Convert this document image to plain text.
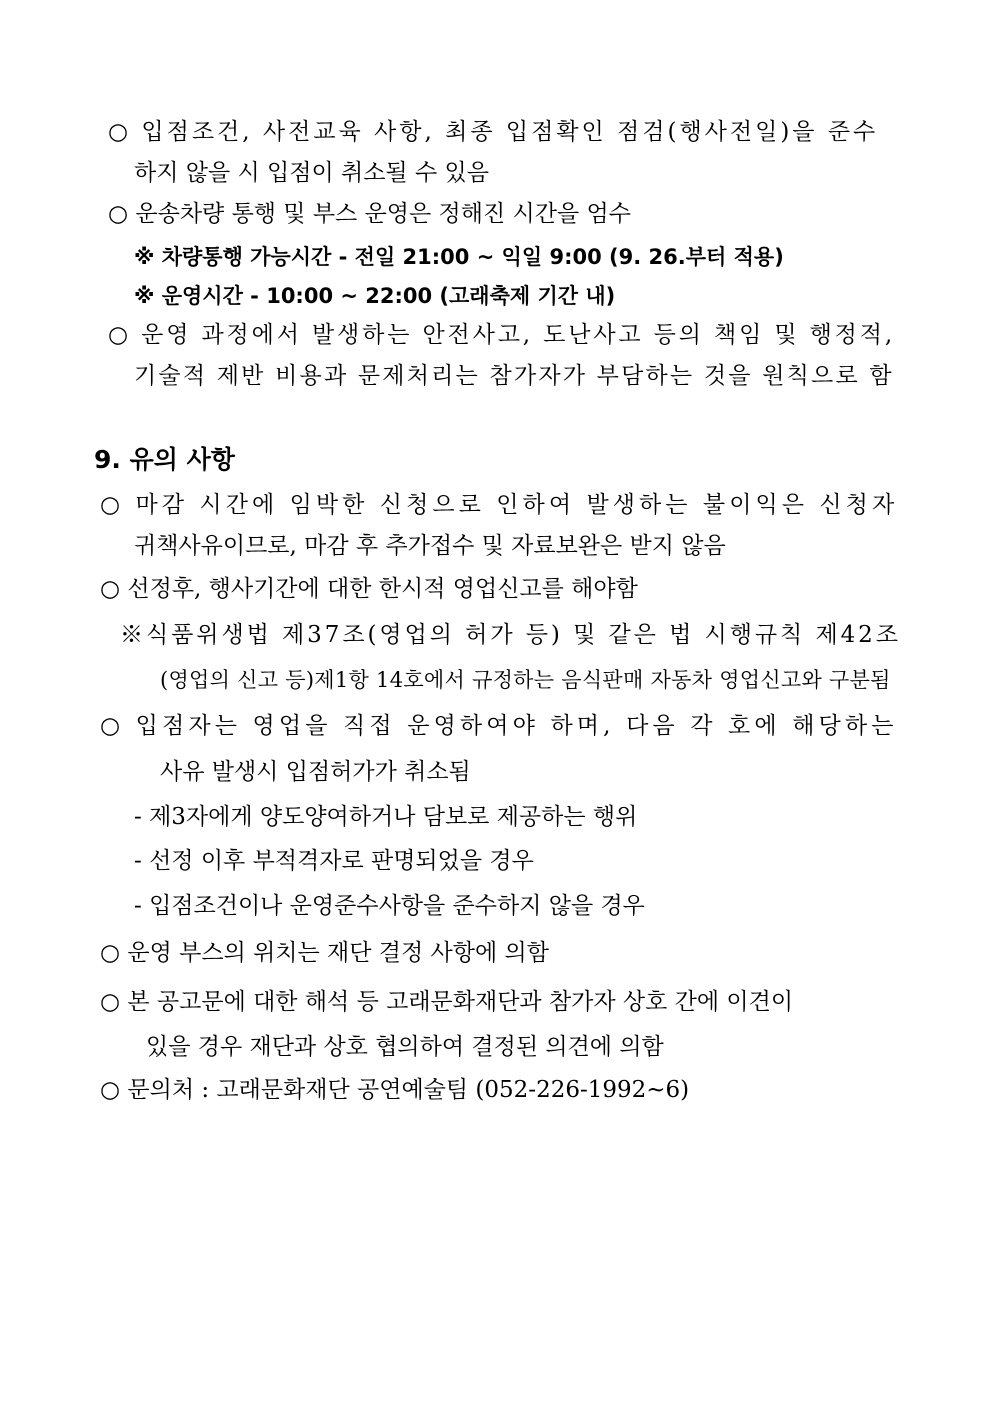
○ 입점조건, 사전교육 사항, 최종 입점확인 점검(행사전일)을 준수
하지 않을 시 입점이 취소될 수 있음
○ 운송차량 통행 및 부스 운영은 정해진 시간을 엄수
※ 차량통행 가능시간 - 전일 21:00 ~ 익일 9:00 (9. 26.부터 적용)
※ 운영시간 - 10:00 ~ 22:00 (고래축제 기간 내)
○ 운영 과정에서 발생하는 안전사고, 도난사고 등의 책임 및 행정적,
기술적 제반 비용과 문제처리는 참가자가 부담하는 것을 원칙으로 함
9. 유의 사항
○ 마감 시간에 임박한 신청으로 인하여 발생하는 불이익은 신청자
귀책사유이므로, 마감 후 추가접수 및 자료보완은 받지 않음
○ 선정후, 행사기간에 대한 한시적 영업신고를 해야함
※식품위생법 제37조(영업의 허가 등) 및 같은 법 시행규칙 제42조
(영업의 신고 등)제1항 14호에서 규정하는 음식판매 자동차 영업신고와 구분됨
○ 입점자는 영업을 직접 운영하여야 하며, 다음 각 호에 해당하는
사유 발생시 입점허가가 취소됨
- 제3자에게 양도양여하거나 담보로 제공하는 행위
- 선정 이후 부적격자로 판명되었을 경우
- 입점조건이나 운영준수사항을 준수하지 않을 경우
○ 운영 부스의 위치는 재단 결정 사항에 의함
○ 본 공고문에 대한 해석 등 고래문화재단과 참가자 상호 간에 이견이
있을 경우 재단과 상호 협의하여 결정된 의견에 의함
○ 문의처 : 고래문화재단 공연예술팀 (052-226-1992~6)
